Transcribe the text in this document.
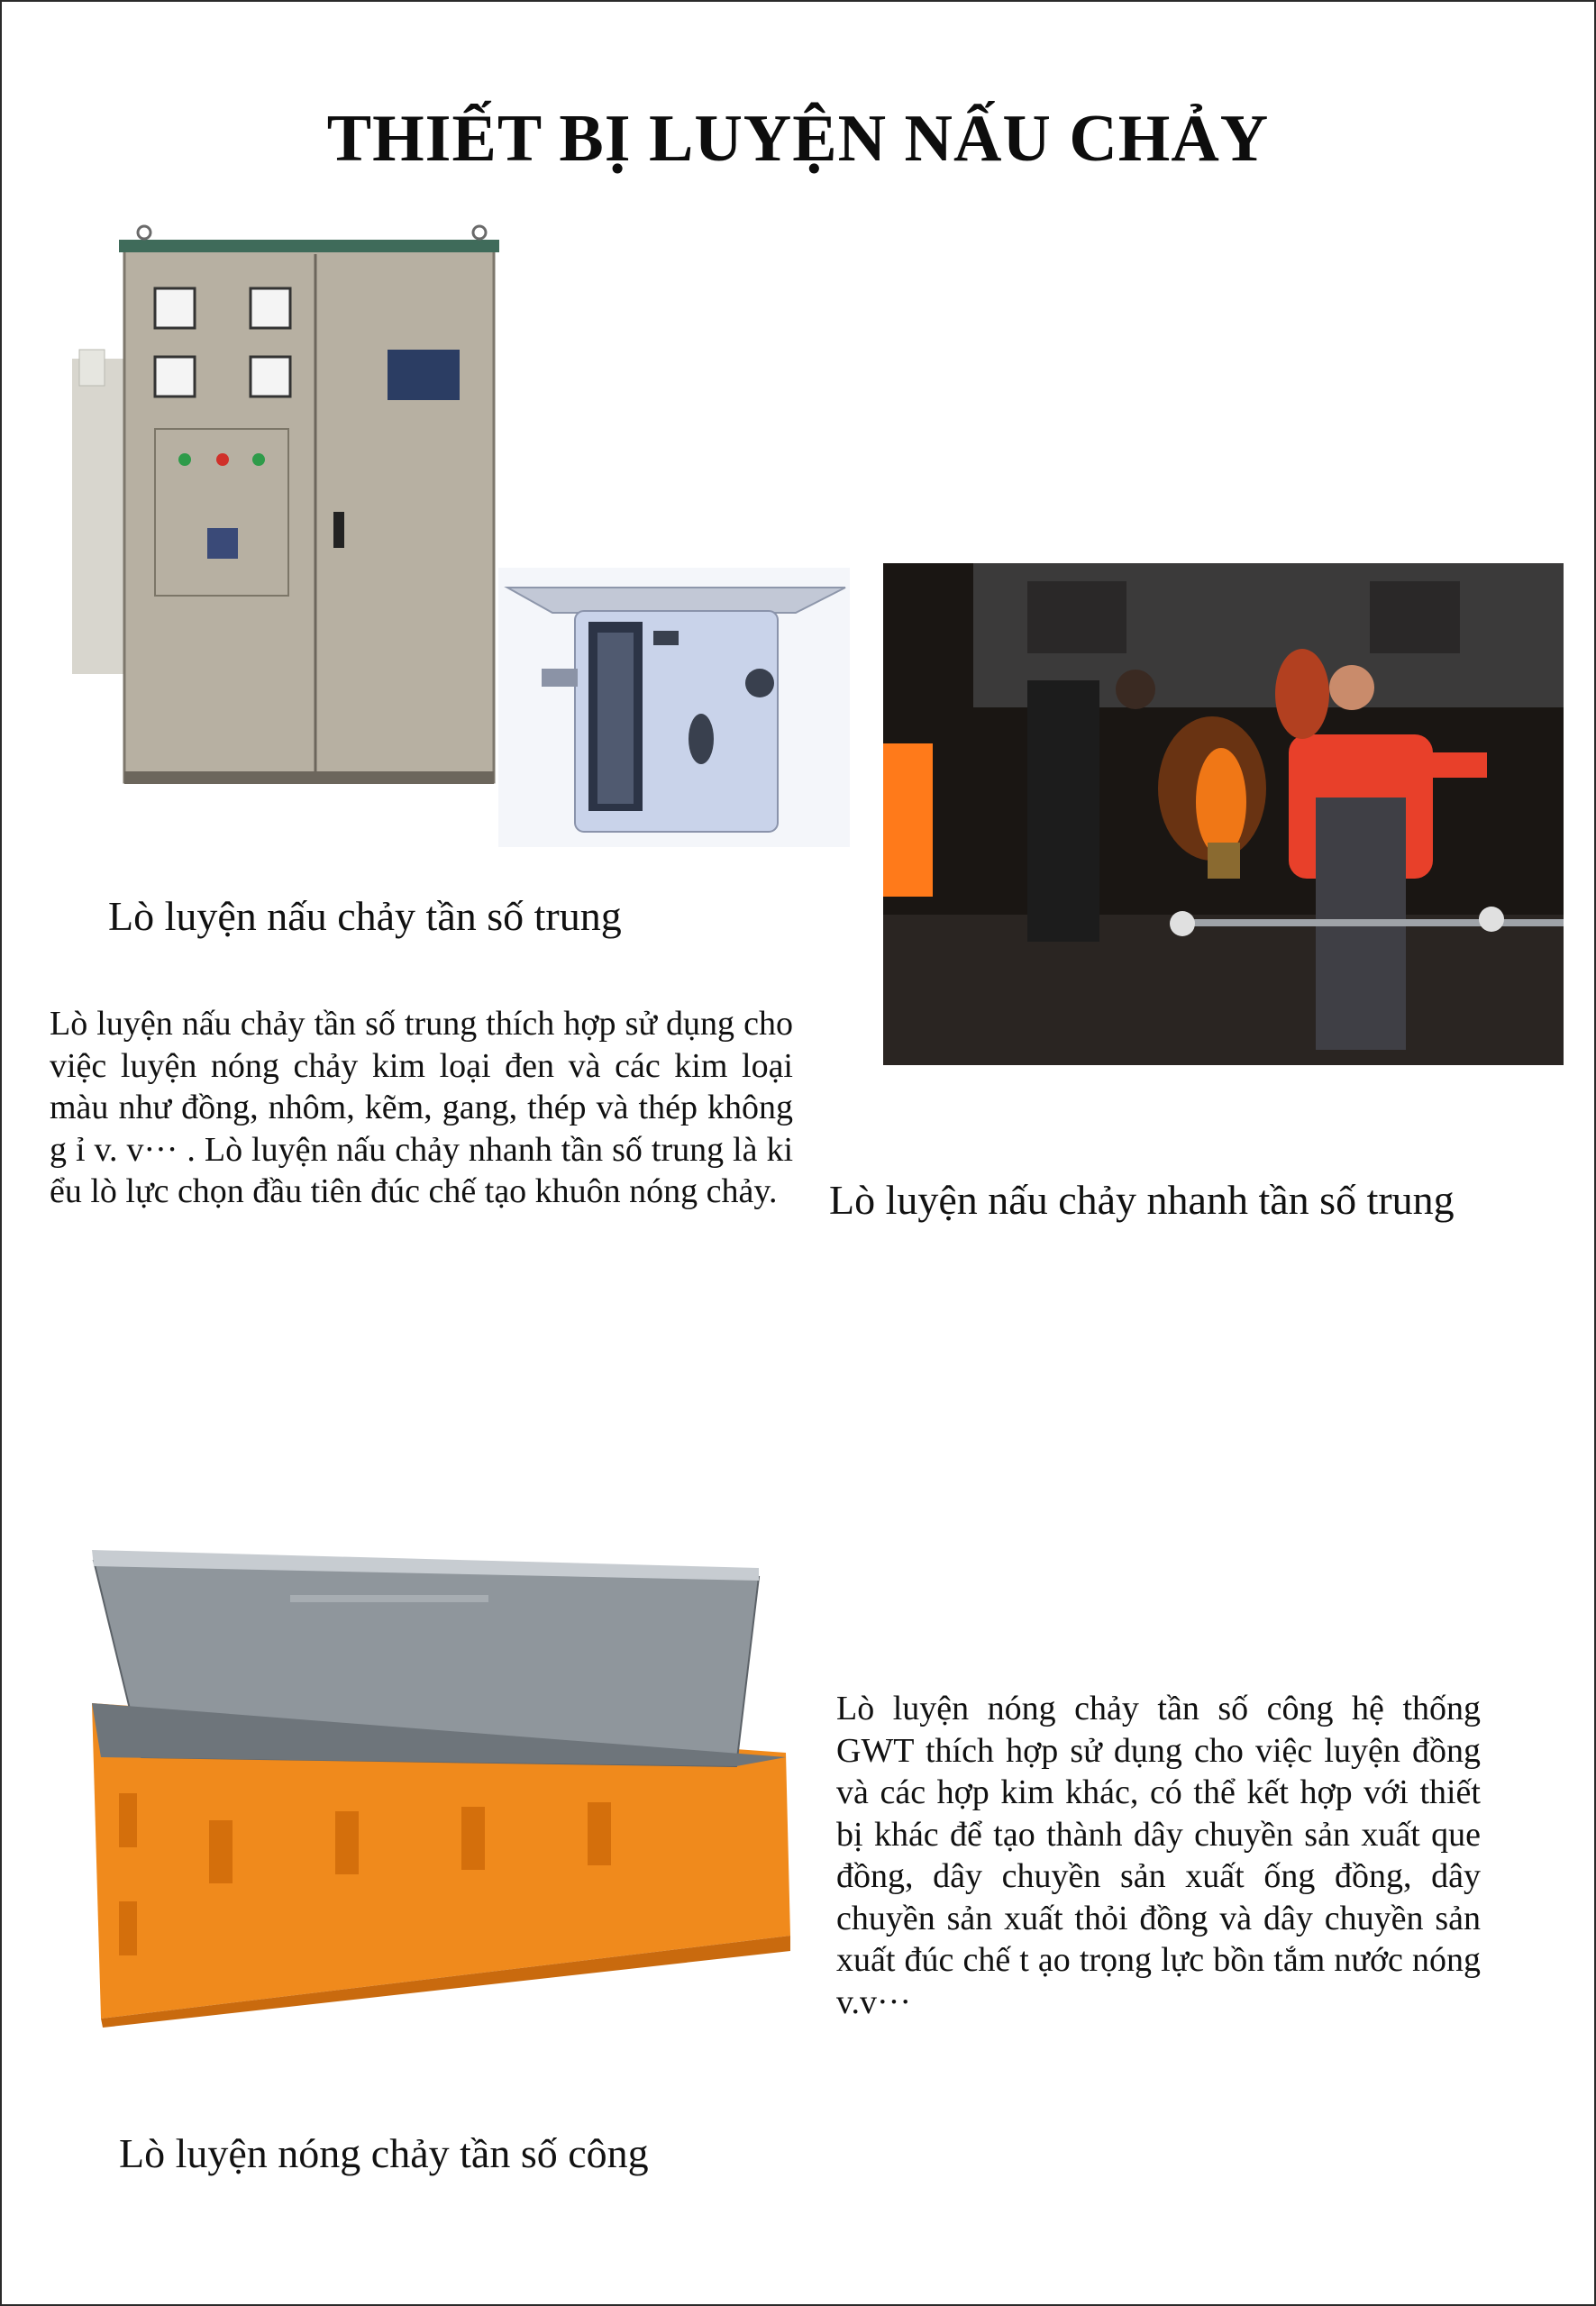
THIẾT BỊ LUYỆN NẤU CHẢY
Lò luyện nấu chảy tần số trung
Lò luyện nấu chảy tần số trung thích hợp sử dụng cho việc luyện nóng chảy kim loại đen và các kim loại màu như đồng, nhôm, kẽm, gang, thép và thép không g ỉ v. v··· . Lò luyện nấu chảy nhanh tần số trung là ki ểu lò lực chọn đầu tiên đúc chế tạo khuôn nóng chảy.	Lò luyện nấu chảy nhanh tần số trung
Lò luyện nóng chảy tần số công hệ thống GWT thích hợp sử dụng cho việc luyện đồng và các hợp kim khác, có thể kết hợp với thiết bị khác để tạo thành dây chuyền sản xuất que đồng, dây chuyền sản xuất ống đồng, dây chuyền sản xuất thỏi đồng và dây chuyền sản xuất đúc chế t ạo trọng lực bồn tắm nước nóng v.v···
Lò luyện nóng chảy tần số công
